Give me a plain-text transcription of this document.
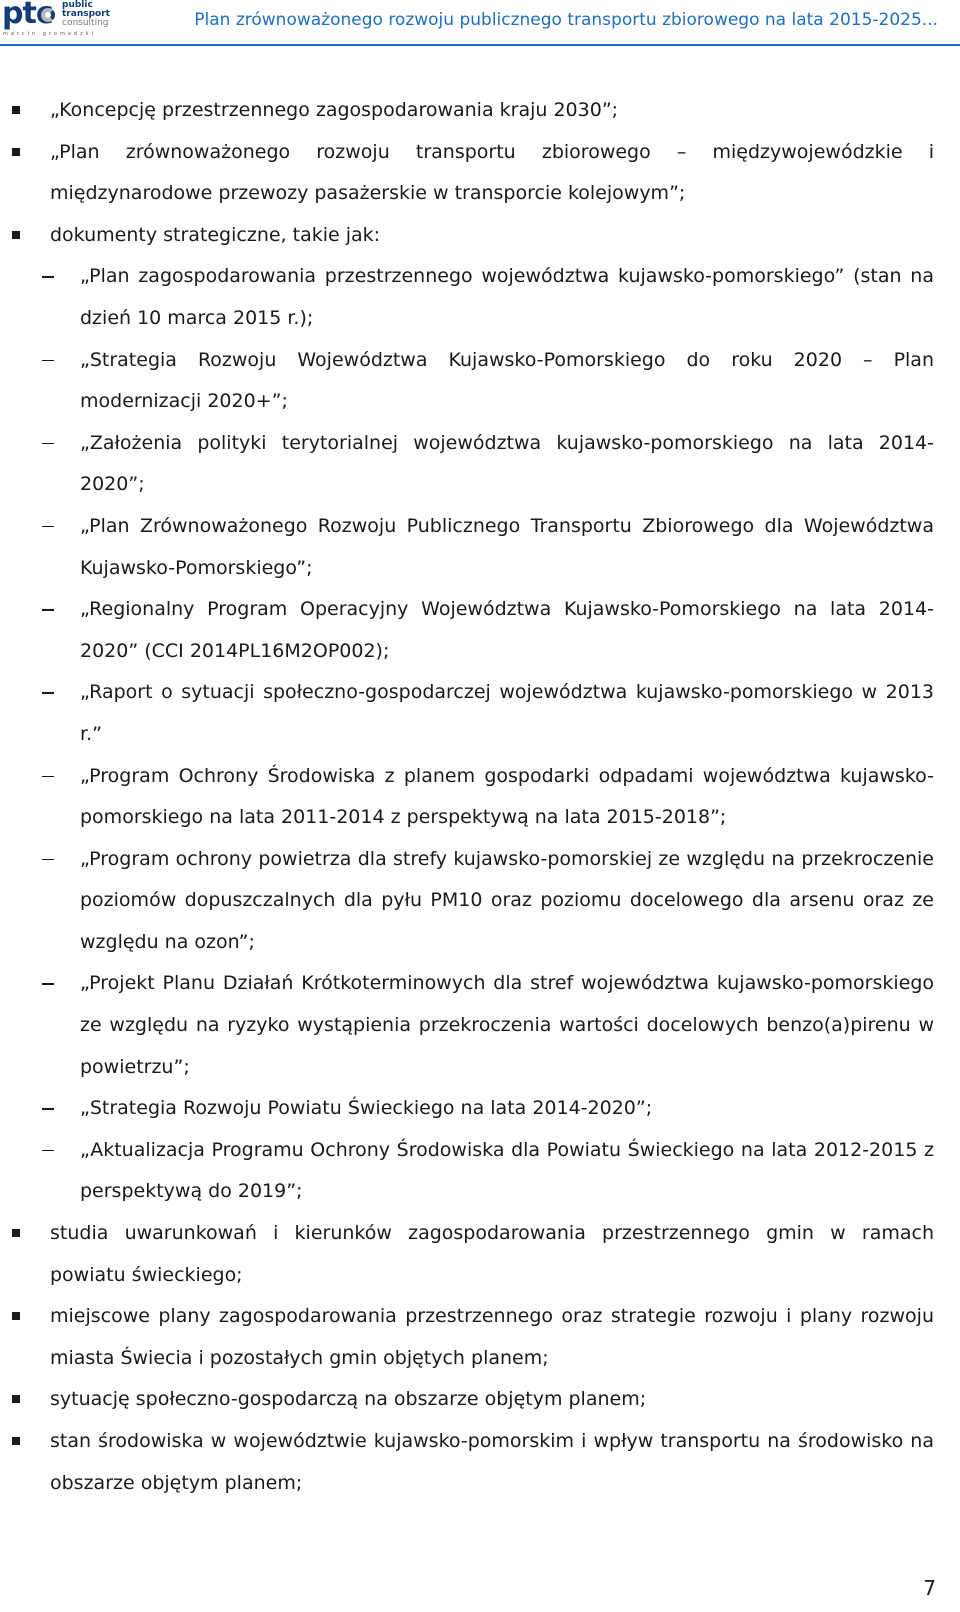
ptc public
transport
consulting
marcin gromadzki
Plan zrównoważonego rozwoju publicznego transportu zbiorowego na lata 2015-2025...
„Koncepcję przestrzennego zagospodarowania kraju 2030”;
„Plan zrównoważonego rozwoju transportu zbiorowego – międzywojewódzkie i międzynarodowe przewozy pasażerskie w transporcie kolejowym”;
dokumenty strategiczne, takie jak:
„Plan zagospodarowania przestrzennego województwa kujawsko-pomorskiego” (stan na dzień 10 marca 2015 r.);
„Strategia Rozwoju Województwa Kujawsko-Pomorskiego do roku 2020 – Plan modernizacji 2020+”;
„Założenia polityki terytorialnej województwa kujawsko-pomorskiego na lata 2014-2020”;
„Plan Zrównoważonego Rozwoju Publicznego Transportu Zbiorowego dla Województwa Kujawsko-Pomorskiego”;
„Regionalny Program Operacyjny Województwa Kujawsko-Pomorskiego na lata 2014-2020” (CCI 2014PL16M2OP002);
„Raport o sytuacji społeczno-gospodarczej województwa kujawsko-pomorskiego w 2013 r.”
„Program Ochrony Środowiska z planem gospodarki odpadami województwa kujawsko-pomorskiego na lata 2011-2014 z perspektywą na lata 2015-2018”;
„Program ochrony powietrza dla strefy kujawsko-pomorskiej ze względu na przekroczenie poziomów dopuszczalnych dla pyłu PM10 oraz poziomu docelowego dla arsenu oraz ze względu na ozon”;
„Projekt Planu Działań Krótkoterminowych dla stref województwa kujawsko-pomorskiego ze względu na ryzyko wystąpienia przekroczenia wartości docelowych benzo(a)pirenu w powietrzu”;
„Strategia Rozwoju Powiatu Świeckiego na lata 2014-2020”;
„Aktualizacja Programu Ochrony Środowiska dla Powiatu Świeckiego na lata 2012-2015 z perspektywą do 2019”;
studia uwarunkowań i kierunków zagospodarowania przestrzennego gmin w ramach powiatu świeckiego;
miejscowe plany zagospodarowania przestrzennego oraz strategie rozwoju i plany rozwoju miasta Świecia i pozostałych gmin objętych planem;
sytuację społeczno-gospodarczą na obszarze objętym planem;
stan środowiska w województwie kujawsko-pomorskim i wpływ transportu na środowisko na obszarze objętym planem;
7
